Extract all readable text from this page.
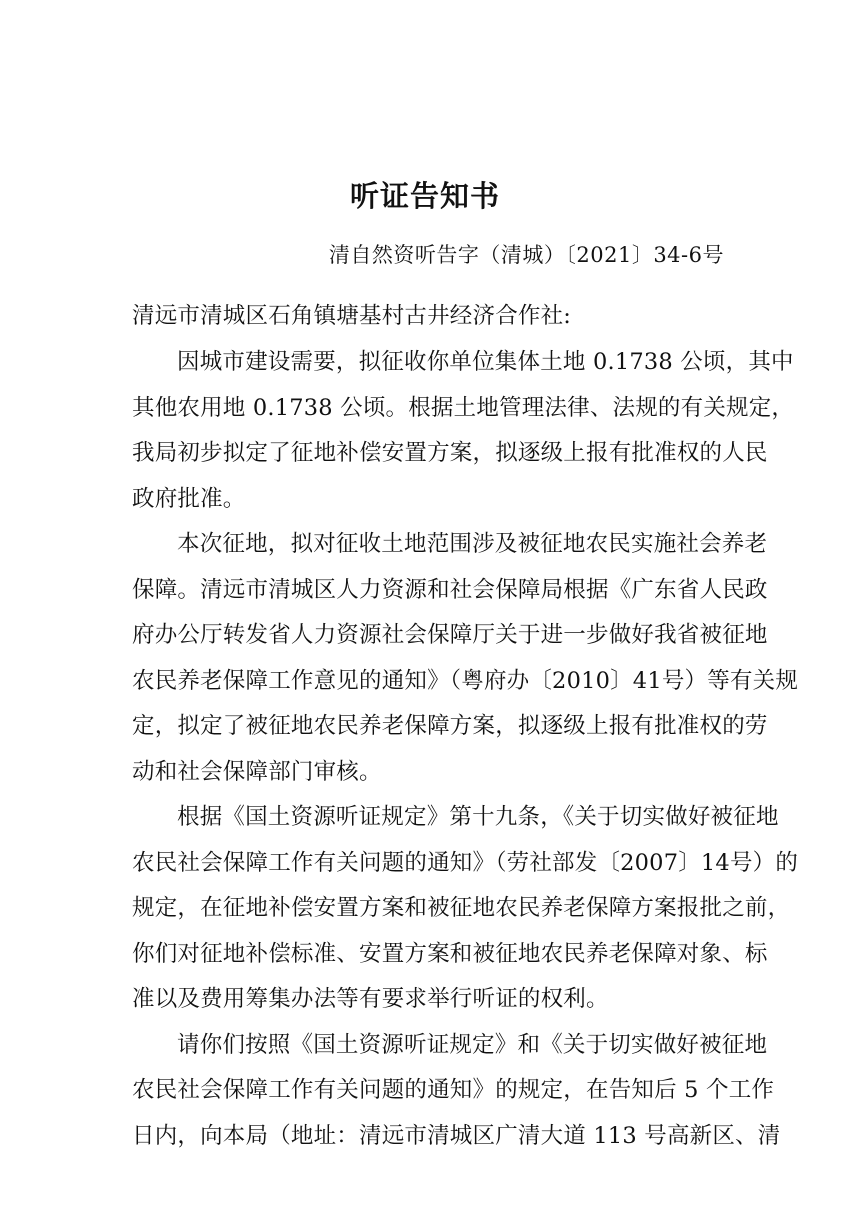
听证告知书
清自然资听告字（清城）〔2021〕34-6号
清远市清城区石角镇塘基村古井经济合作社:
因城市建设需要，拟征收你单位集体土地 0.1738 公顷，其中
其他农用地 0.1738 公顷。根据土地管理法律、法规的有关规定，
我局初步拟定了征地补偿安置方案，拟逐级上报有批准权的人民
政府批准。
本次征地，拟对征收土地范围涉及被征地农民实施社会养老
保障。清远市清城区人力资源和社会保障局根据《广东省人民政
府办公厅转发省人力资源社会保障厅关于进一步做好我省被征地
农民养老保障工作意见的通知》（粤府办〔2010〕41号）等有关规
定，拟定了被征地农民养老保障方案，拟逐级上报有批准权的劳
动和社会保障部门审核。
根据《国土资源听证规定》第十九条，《关于切实做好被征地
农民社会保障工作有关问题的通知》（劳社部发〔2007〕14号）的
规定，在征地补偿安置方案和被征地农民养老保障方案报批之前，
你们对征地补偿标准、安置方案和被征地农民养老保障对象、标
准以及费用筹集办法等有要求举行听证的权利。
请你们按照《国土资源听证规定》和《关于切实做好被征地
农民社会保障工作有关问题的通知》的规定，在告知后 5 个工作
日内，向本局（地址：清远市清城区广清大道 113 号高新区、清
